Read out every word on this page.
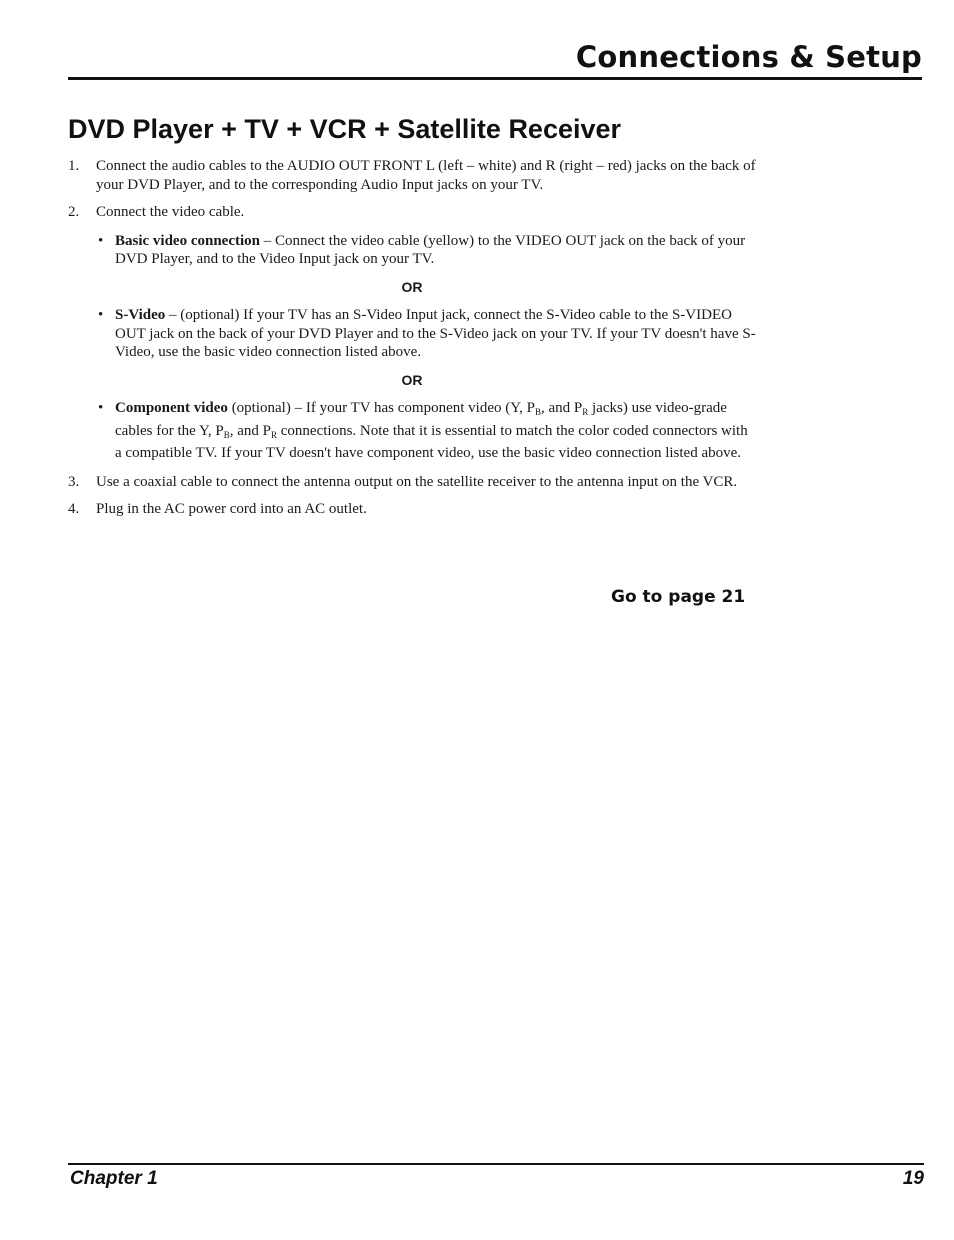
Connections & Setup
DVD Player + TV + VCR + Satellite Receiver
1. Connect the audio cables to the AUDIO OUT FRONT L (left – white) and R (right – red) jacks on the back of your DVD Player, and to the corresponding Audio Input jacks on your TV.
2. Connect the video cable.
• Basic video connection – Connect the video cable (yellow) to the VIDEO OUT jack on the back of your DVD Player, and to the Video Input jack on your TV.
OR
• S-Video – (optional) If your TV has an S-Video Input jack, connect the S-Video cable to the S-VIDEO OUT jack on the back of your DVD Player and to the S-Video jack on your TV. If your TV doesn't have S-Video, use the basic video connection listed above.
OR
• Component video (optional) – If your TV has component video (Y, $P_B$, and $P_R$ jacks) use video-grade cables for the Y, $P_B$, and $P_R$ connections. Note that it is essential to match the color coded connectors with a compatible TV. If your TV doesn't have component video, use the basic video connection listed above.
3. Use a coaxial cable to connect the antenna output on the satellite receiver to the antenna input on the VCR.
4. Plug in the AC power cord into an AC outlet.
Go to page 21
Chapter 1	19
